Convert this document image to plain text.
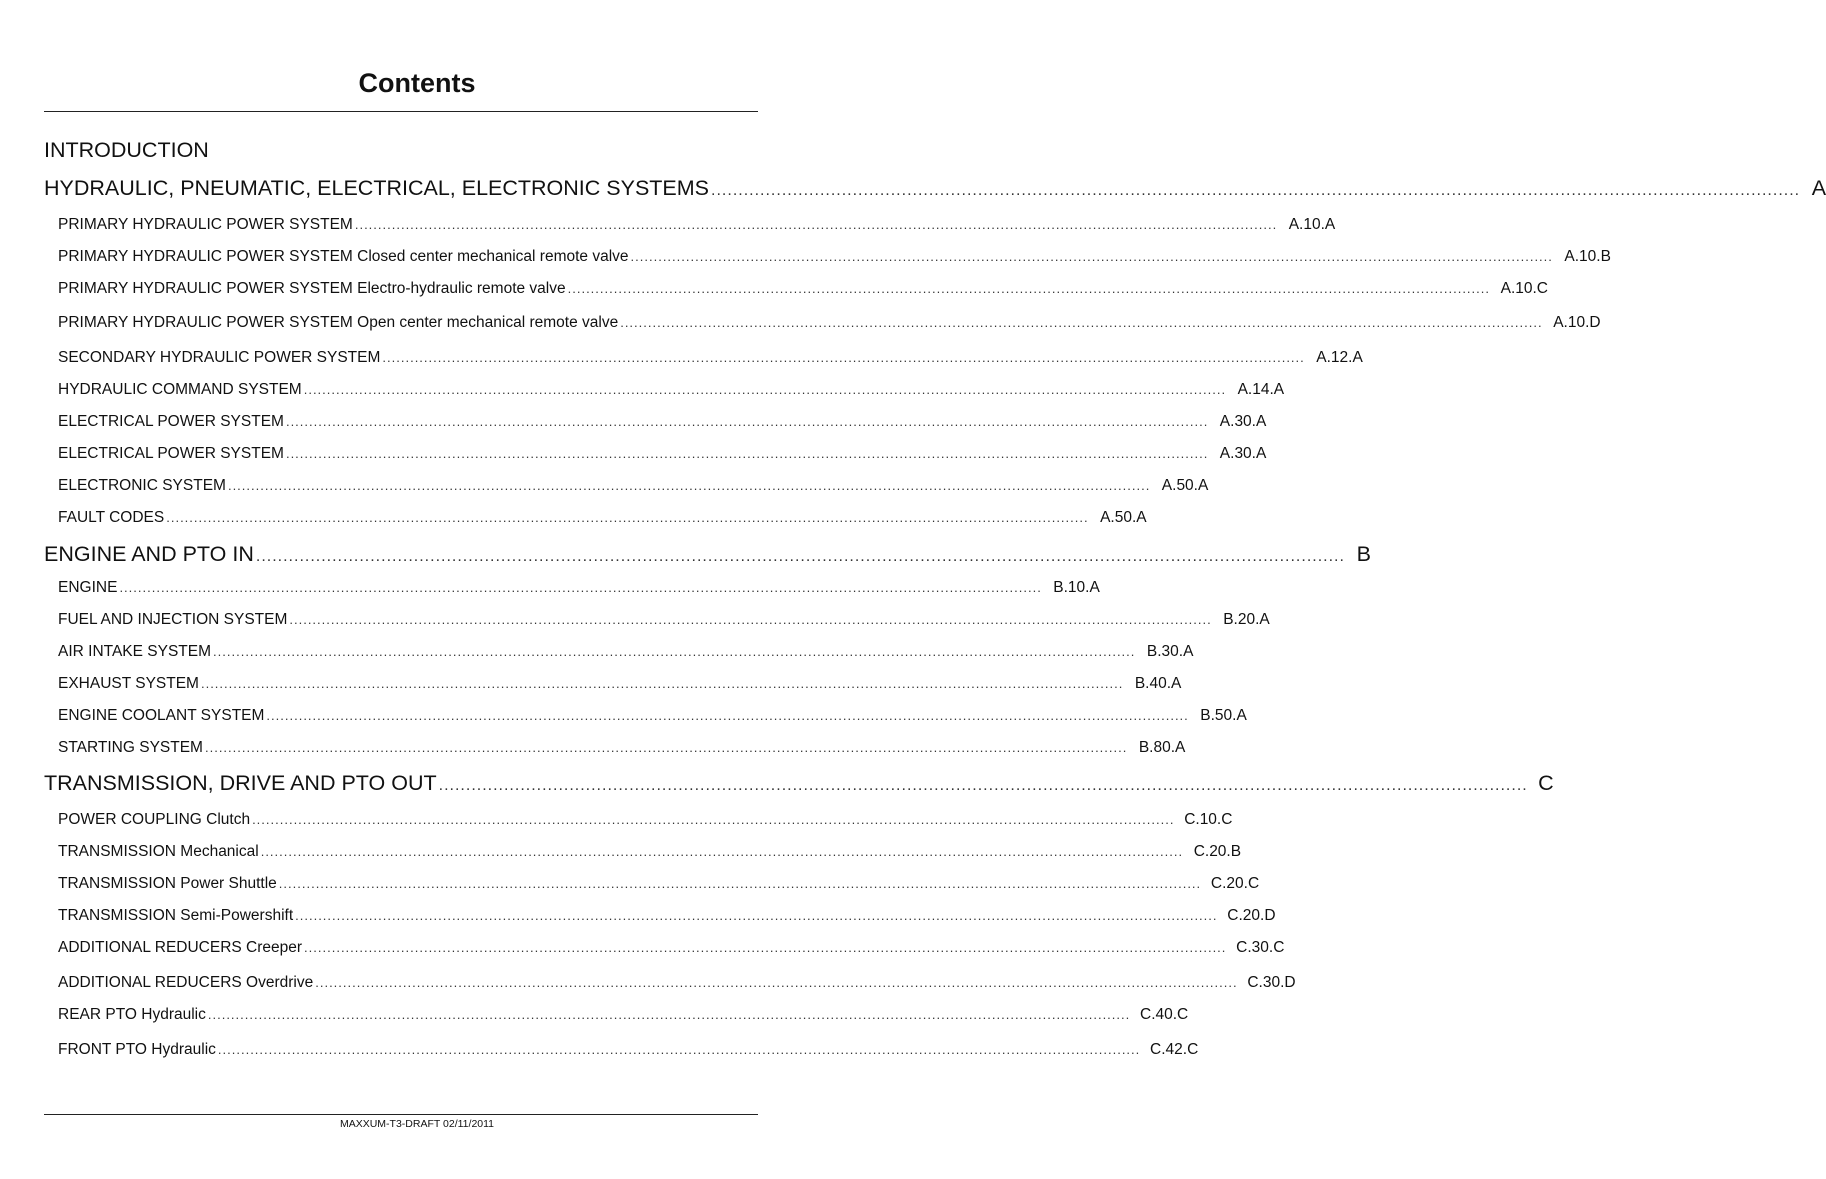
Contents
INTRODUCTION
HYDRAULIC, PNEUMATIC, ELECTRICAL, ELECTRONIC SYSTEMS ........................................................................................................................................................................................................ A
PRIMARY HYDRAULIC POWER SYSTEM ........................................................................................................................................................................................................ A.10.A
PRIMARY HYDRAULIC POWER SYSTEM Closed center mechanical remote valve ........................................................................................................................................................................................................ A.10.B
PRIMARY HYDRAULIC POWER SYSTEM Electro-hydraulic remote valve ........................................................................................................................................................................................................ A.10.C
PRIMARY HYDRAULIC POWER SYSTEM Open center mechanical remote valve ........................................................................................................................................................................................................ A.10.D
SECONDARY HYDRAULIC POWER SYSTEM ........................................................................................................................................................................................................ A.12.A
HYDRAULIC COMMAND SYSTEM ........................................................................................................................................................................................................ A.14.A
ELECTRICAL POWER SYSTEM ........................................................................................................................................................................................................ A.30.A
ELECTRICAL POWER SYSTEM ........................................................................................................................................................................................................ A.30.A
ELECTRONIC SYSTEM ........................................................................................................................................................................................................ A.50.A
FAULT CODES ........................................................................................................................................................................................................ A.50.A
ENGINE AND PTO IN ........................................................................................................................................................................................................ B
ENGINE ........................................................................................................................................................................................................ B.10.A
FUEL AND INJECTION SYSTEM ........................................................................................................................................................................................................ B.20.A
AIR INTAKE SYSTEM ........................................................................................................................................................................................................ B.30.A
EXHAUST SYSTEM ........................................................................................................................................................................................................ B.40.A
ENGINE COOLANT SYSTEM ........................................................................................................................................................................................................ B.50.A
STARTING SYSTEM ........................................................................................................................................................................................................ B.80.A
TRANSMISSION, DRIVE AND PTO OUT ........................................................................................................................................................................................................ C
POWER COUPLING Clutch ........................................................................................................................................................................................................ C.10.C
TRANSMISSION Mechanical ........................................................................................................................................................................................................ C.20.B
TRANSMISSION Power Shuttle ........................................................................................................................................................................................................ C.20.C
TRANSMISSION Semi-Powershift ........................................................................................................................................................................................................ C.20.D
ADDITIONAL REDUCERS Creeper ........................................................................................................................................................................................................ C.30.C
ADDITIONAL REDUCERS Overdrive ........................................................................................................................................................................................................ C.30.D
REAR PTO Hydraulic ........................................................................................................................................................................................................ C.40.C
FRONT PTO Hydraulic ........................................................................................................................................................................................................ C.42.C
MAXXUM-T3-DRAFT 02/11/2011
